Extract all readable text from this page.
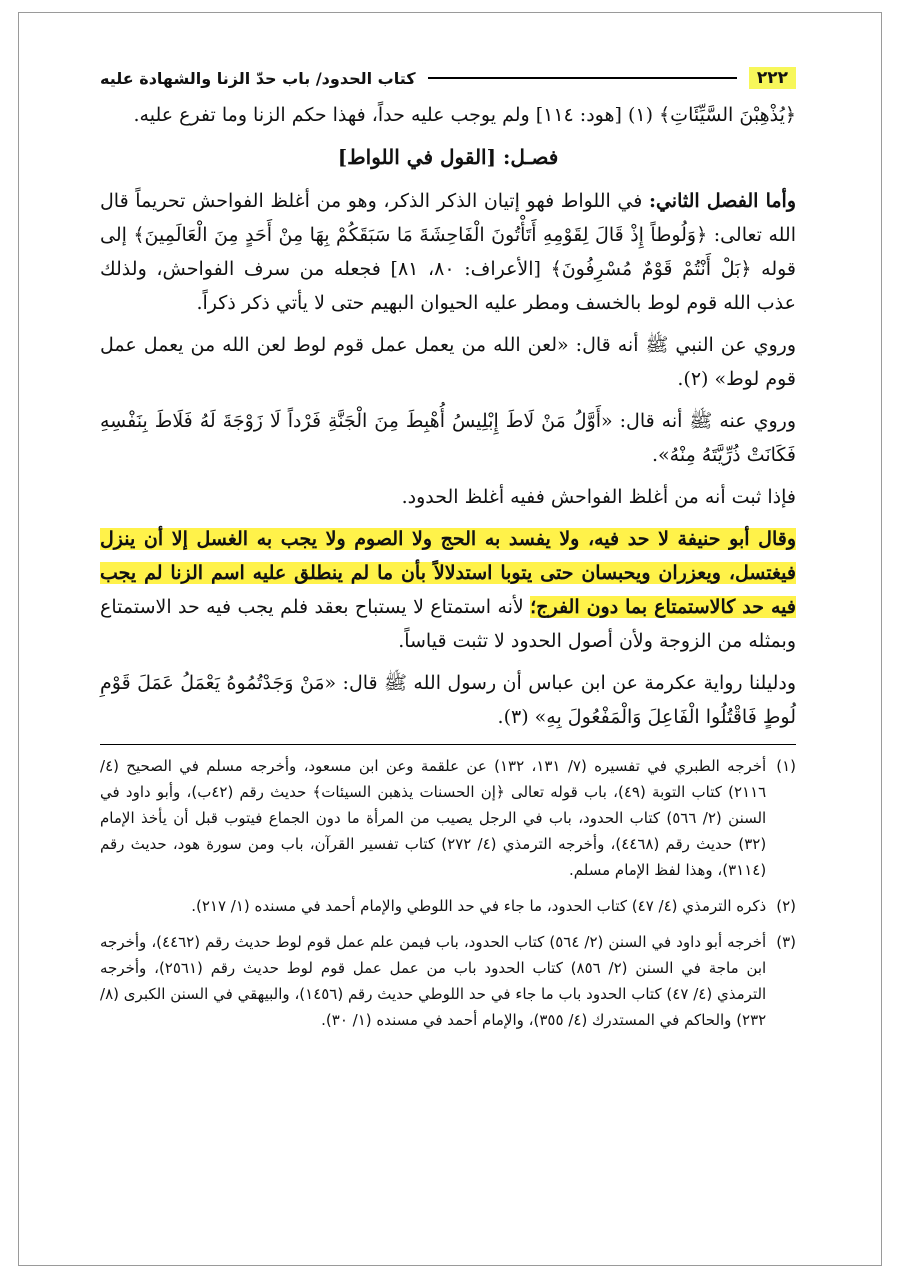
٢٢٢
كتاب الحدود/ باب حدّ الزنا والشهادة عليه

﴿يُذْهِبْنَ السَّيِّئَاتِ﴾ (١) [هود: ١١٤] ولم يوجب عليه حداً، فهذا حكم الزنا وما تفرع عليه.

فصـل: [القول في اللواط]

وأما الفصل الثاني: في اللواط فهو إتيان الذكر الذكر، وهو من أغلظ الفواحش تحريماً قال الله تعالى: ﴿وَلُوطاً إِذْ قَالَ لِقَوْمِهِ أَتَأْتُونَ الْفَاحِشَةَ مَا سَبَقَكُمْ بِهَا مِنْ أَحَدٍ مِنَ الْعَالَمِينَ﴾ إلى قوله ﴿بَلْ أَنْتُمْ قَوْمٌ مُسْرِفُونَ﴾ [الأعراف: ٨٠، ٨١] فجعله من سرف الفواحش، ولذلك عذب الله قوم لوط بالخسف ومطر عليه الحيوان البهيم حتى لا يأتي ذكر ذكراً.

وروي عن النبي ﷺ أنه قال: «لعن الله من يعمل عمل قوم لوط لعن الله من يعمل عمل قوم لوط» (٢).

وروي عنه ﷺ أنه قال: «أَوَّلُ مَنْ لَاطَ إِبْلِيسُ أُهْبِطَ مِنَ الْجَنَّةِ فَرْداً لَا زَوْجَةَ لَهُ فَلَاطَ بِنَفْسِهِ فَكَانَتْ ذُرِّيَّتَهُ مِنْهُ».

فإذا ثبت أنه من أغلظ الفواحش ففيه أغلظ الحدود.

وقال أبو حنيفة لا حد فيه، ولا يفسد به الحج ولا الصوم ولا يجب به الغسل إلا أن ينزل فيغتسل، ويعزران ويحبسان حتى يتوبا استدلالاً بأن ما لم ينطلق عليه اسم الزنا لم يجب فيه حد كالاستمتاع بما دون الفرج؛ لأنه استمتاع لا يستباح بعقد فلم يجب فيه حد الاستمتاع وبمثله من الزوجة ولأن أصول الحدود لا تثبت قياساً.

ودليلنا رواية عكرمة عن ابن عباس أن رسول الله ﷺ قال: «مَنْ وَجَدْتُمُوهُ يَعْمَلُ عَمَلَ قَوْمِ لُوطٍ فَاقْتُلُوا الْفَاعِلَ وَالْمَفْعُولَ بِهِ» (٣).

(١)
أخرجه الطبري في تفسيره (٧/ ١٣١، ١٣٢) عن علقمة وعن ابن مسعود، وأخرجه مسلم في الصحيح (٤/ ٢١١٦) كتاب التوبة (٤٩)، باب قوله تعالى ﴿إن الحسنات يذهبن السيئات﴾ حديث رقم (٤٢ب)، وأبو داود في السنن (٢/ ٥٦٦) كتاب الحدود، باب في الرجل يصيب من المرأة ما دون الجماع فيتوب قبل أن يأخذ الإمام (٣٢) حديث رقم (٤٤٦٨)، وأخرجه الترمذي (٤/ ٢٧٢) كتاب تفسير القرآن، باب ومن سورة هود، حديث رقم (٣١١٤)، وهذا لفظ الإمام مسلم.
(٢)
ذكره الترمذي (٤/ ٤٧) كتاب الحدود، ما جاء في حد اللوطي والإمام أحمد في مسنده (١/ ٢١٧).
(٣)
أخرجه أبو داود في السنن (٢/ ٥٦٤) كتاب الحدود، باب فيمن علم عمل قوم لوط حديث رقم (٤٤٦٢)، وأخرجه ابن ماجة في السنن (٢/ ٨٥٦) كتاب الحدود باب من عمل عمل قوم لوط حديث رقم (٢٥٦١)، وأخرجه الترمذي (٤/ ٤٧) كتاب الحدود باب ما جاء في حد اللوطي حديث رقم (١٤٥٦)، والبيهقي في السنن الكبرى (٨/ ٢٣٢) والحاكم في المستدرك (٤/ ٣٥٥)، والإمام أحمد في مسنده (١/ ٣٠).
